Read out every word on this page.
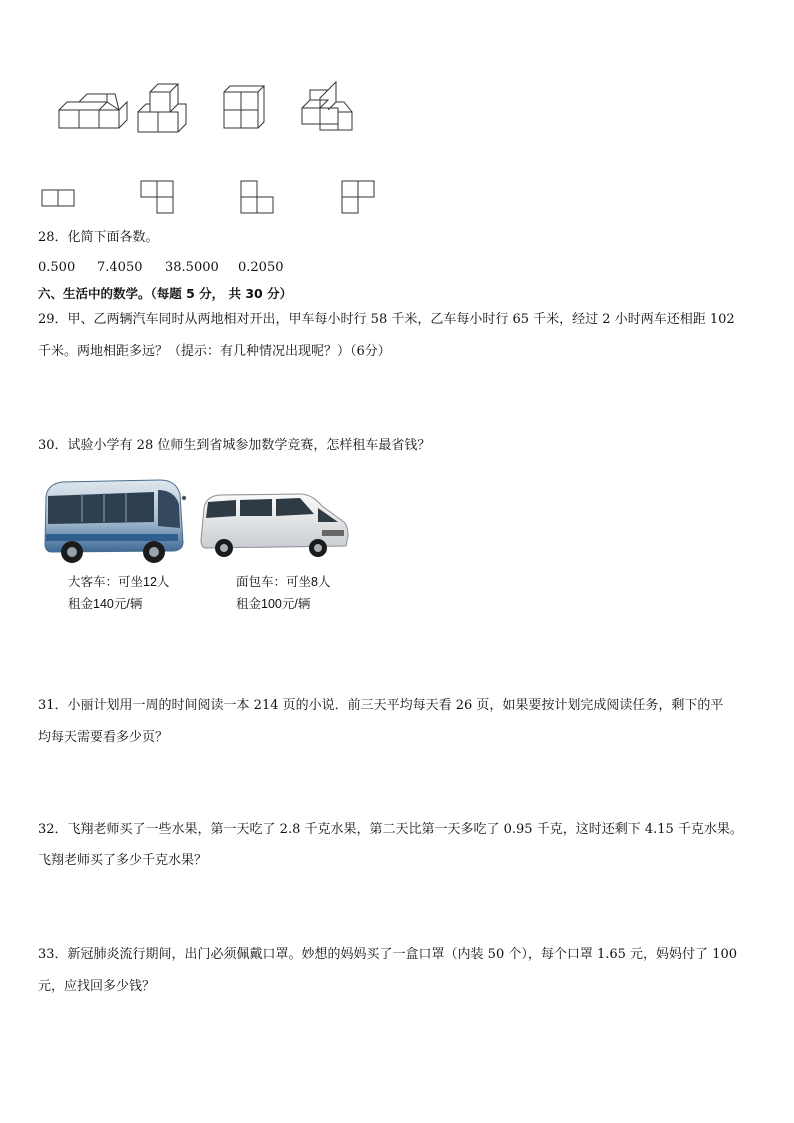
28．化简下面各数。
0.500 7.4050 38.5000 0.2050
六、生活中的数学。（每题 5 分， 共 30 分）
29．甲、乙两辆汽车同时从两地相对开出，甲车每小时行 58 千米，乙车每小时行 65 千米，经过 2 小时两车还相距 102
千米。两地相距多远？（提示：有几种情况出现呢？）（6分）
30．试验小学有 28 位师生到省城参加数学竞赛，怎样租车最省钱？
大客车：可坐12人
租金140元/辆
面包车：可坐8人
租金100元/辆
31．小丽计划用一周的时间阅读一本 214 页的小说．前三天平均每天看 26 页，如果要按计划完成阅读任务，剩下的平
均每天需要看多少页？
32．飞翔老师买了一些水果，第一天吃了 2.8 千克水果，第二天比第一天多吃了 0.95 千克，这时还剩下 4.15 千克水果。
飞翔老师买了多少千克水果？
33．新冠肺炎流行期间，出门必须佩戴口罩。妙想的妈妈买了一盒口罩（内装 50 个），每个口罩 1.65 元，妈妈付了 100
元，应找回多少钱？
